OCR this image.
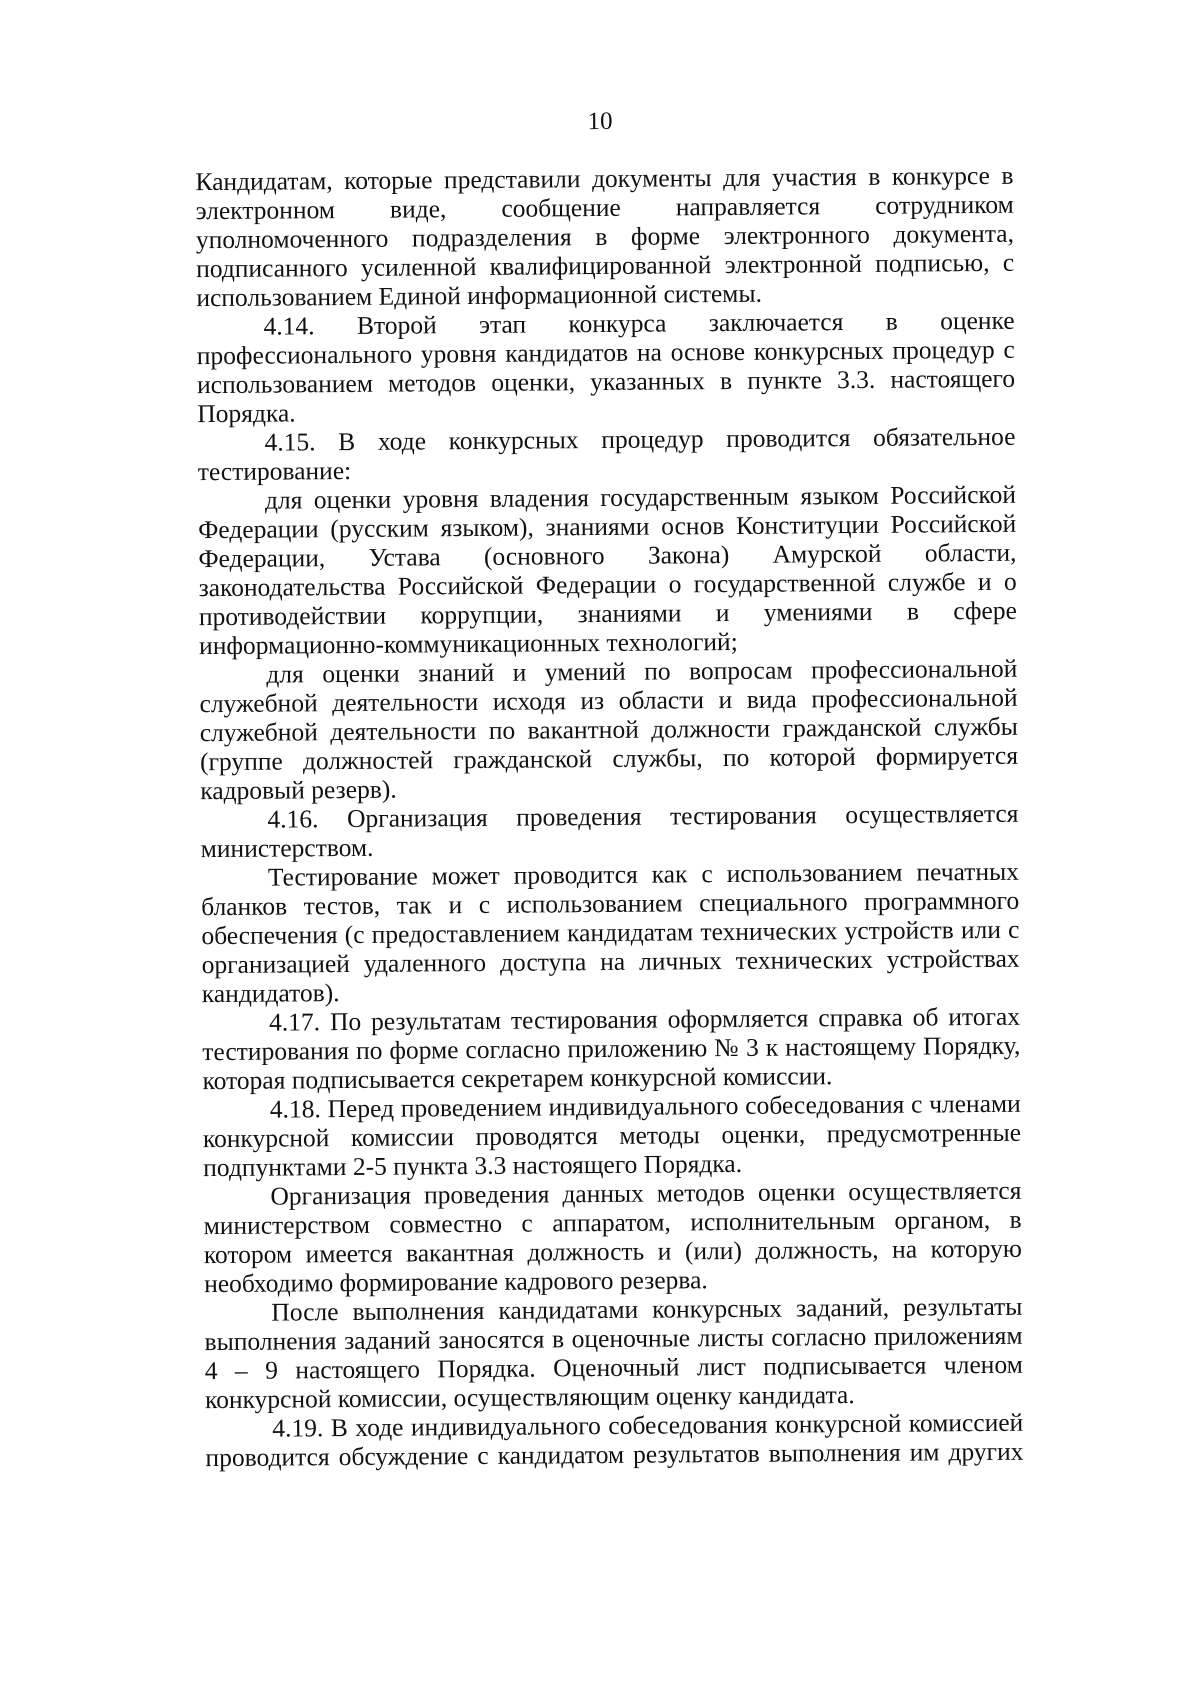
10

Кандидатам, которые представили документы для участия в конкурсе в электронном виде, сообщение направляется сотрудником уполномоченного подразделения в форме электронного документа, подписанного усиленной квалифицированной электронной подписью, с использованием Единой информационной системы.

4.14. Второй этап конкурса заключается в оценке профессионального уровня кандидатов на основе конкурсных процедур с использованием методов оценки, указанных в пункте 3.3. настоящего Порядка.

4.15. В ходе конкурсных процедур проводится обязательное тестирование:

для оценки уровня владения государственным языком Российской Федерации (русским языком), знаниями основ Конституции Российской Федерации, Устава (основного Закона) Амурской области, законодательства Российской Федерации о государственной службе и о противодействии коррупции, знаниями и умениями в сфере информационно-коммуникационных технологий;

для оценки знаний и умений по вопросам профессиональной служебной деятельности исходя из области и вида профессиональной служебной деятельности по вакантной должности гражданской службы (группе должностей гражданской службы, по которой формируется кадровый резерв).

4.16. Организация проведения тестирования осуществляется министерством.

Тестирование может проводится как с использованием печатных бланков тестов, так и с использованием специального программного обеспечения (с предоставлением кандидатам технических устройств или с организацией удаленного доступа на личных технических устройствах кандидатов).

4.17. По результатам тестирования оформляется справка об итогах тестирования по форме согласно приложению № 3 к настоящему Порядку, которая подписывается секретарем конкурсной комиссии.

4.18. Перед проведением индивидуального собеседования с членами конкурсной комиссии проводятся методы оценки, предусмотренные подпунктами 2-5 пункта 3.3 настоящего Порядка.

Организация проведения данных методов оценки осуществляется министерством совместно с аппаратом, исполнительным органом, в котором имеется вакантная должность и (или) должность, на которую необходимо формирование кадрового резерва.

После выполнения кандидатами конкурсных заданий, результаты выполнения заданий заносятся в оценочные листы согласно приложениям 4 – 9 настоящего Порядка. Оценочный лист подписывается членом конкурсной комиссии, осуществляющим оценку кандидата.

4.19. В ходе индивидуального собеседования конкурсной комиссией проводится обсуждение с кандидатом результатов выполнения им других
